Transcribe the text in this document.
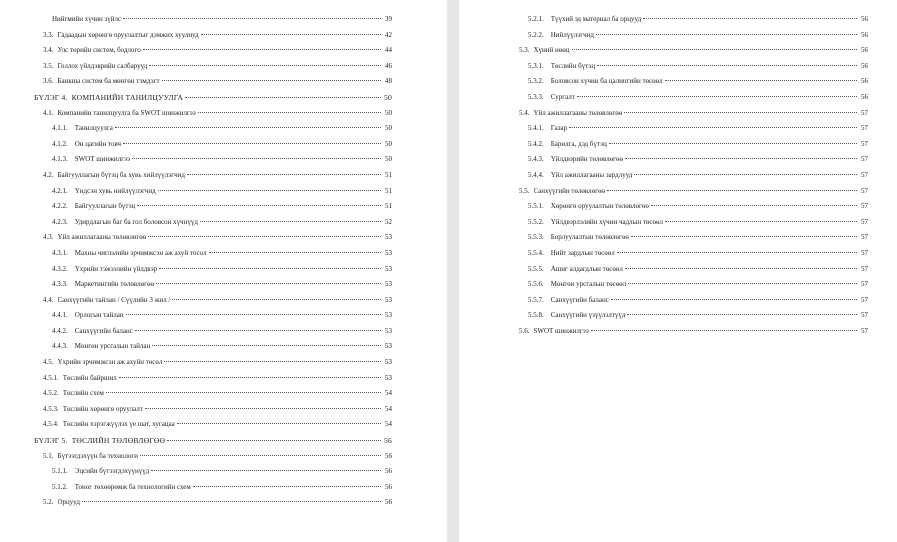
Нийгмийн хүчин зүйлс	39
3.3. Гадаадын хөрөнгө оруулалтыг дэмжих хуулиуд	42
3.4. Улс төрийн систем, бодлого	44
3.5. Голлох үйлдэврийн салбарууд	46
3.6. Банкны систем ба мөнгөн тэмдэгт	48
БҮЛЭГ 4. КОМПАНИЙН ТАНИЛЦУУЛГА	50
4.1. Компанийн танилцуулга ба SWOT шинжилгээ	50
4.1.1. Танилцуулга	50
4.1.2. Он цагийн товч	50
4.1.3. SWOT шинжилгээ	50
4.2. Байгууллагын бүтэц ба хувь хийлүүлэгчид	51
4.2.1. Үндсэн хувь нийлүүлэгчид	51
4.2.2. Байгууллагын бүтэц	51
4.2.3. Удирдлагын баг ба гол боловсон хүчнүүд	52
4.3. Үйл ажиллагааны төлөвлөгөө	53
4.3.1. Махны чиглэлийн эрчимжсэн аж ахуй тосол	53
4.3.2. Үхрийн тэжээлийн үйлдвэр	53
4.3.3. Маркетингийн төлөвлөгөө	53
4.4. Санхүүгийн тайлан / Сүүлийн 3 жил /	53
4.4.1. Орлогын тайлан	53
4.4.2. Санхүүгийн баланс	53
4.4.3. Мөнгөн урсгалын тайлан	53
4.5. Үхрийн эрчимжсэн аж ахуйн төсөл	53
4.5.1. Төслийн байршил	53
4.5.2. Төслийн схем	54
4.5.3. Төслийн хөрөнгө оруулалт	54
4.5.4. Төслийн хэрэгжүүлэх үе шат, хугацаа	54
БҮЛЭГ 5. ТӨСЛИЙН ТӨЛӨВЛӨГӨӨ	56
5.1. Бүтээгдэхүүн ба технологи	56
5.1.1. Эцсийн бүтээгдэхүүнүүд	56
5.1.2. Тоног төхөөрөмж ба технологийн схем	56
5.2. Орцууд	56
5.2.1. Түүхий эд материал ба орцууд	56
5.2.2. Нийлүүлэгчид	56
5.3. Хүний нөөц	56
5.3.1. Төслийн бүтэц	56
5.3.2. Боловсон хүчин ба цалингийн төсөөл	56
5.3.3. Сургалт	56
5.4. Үйл ажиллагааны төлөвлөгөө	57
5.4.1. Газар	57
5.4.2. Барилга, дэд бүтэц	57
5.4.3. Үйлдвэрийн төлөвлөгөө	57
5.4.4. Үйл ажиллагааны зардлууд	57
5.5. Санхүүгийн төлөвлөгөө	57
5.5.1. Хөрөнгө оруулалтын төлөвлөгөө	57
5.5.2. Үйлдвэрлэлийн хүчин чадлын төсөөл	57
5.5.3. Борлуулалтын төлөвлөгөө	57
5.5.4. Нийт зардлын төсөөл	57
5.5.5. Ашиг алдагдлын төсөөл	57
5.5.6. Мөнгөн урсгалын төсөөл	57
5.5.7. Санхүүгийн баланс	57
5.5.8. Санхүүгийн үзүүлэлтүүд	57
5.6. SWOT шинжилгээ	57
